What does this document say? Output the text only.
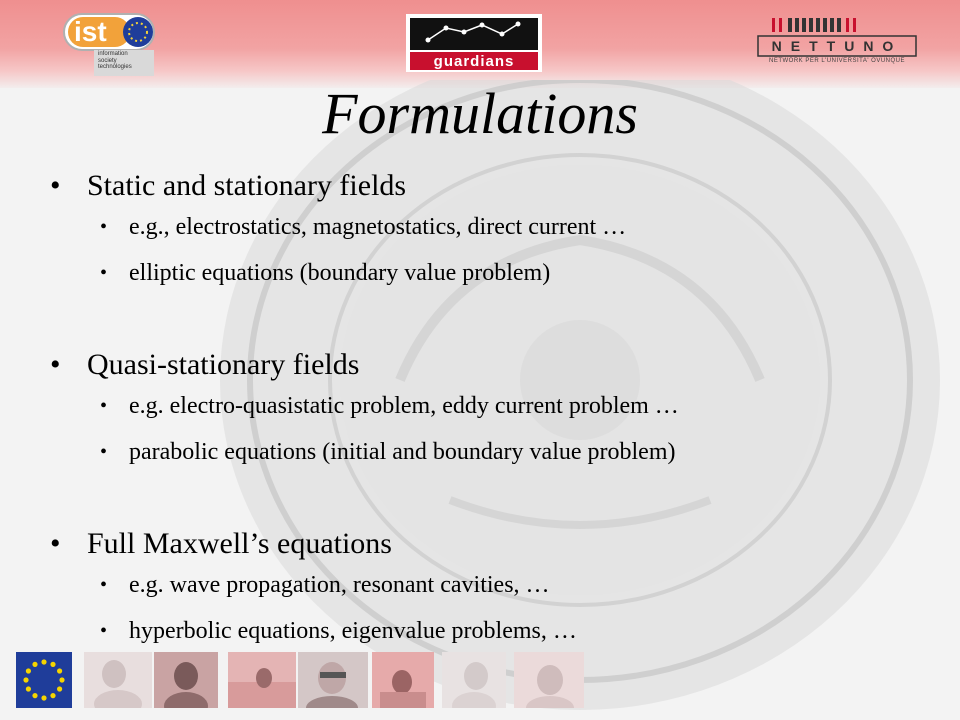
ist
information
society
technologies	guardians
NETTUNO
NETWORK PER L'UNIVERSITA' OVUNQUE
Formulations
• Static and stationary fields
• e.g., electrostatics, magnetostatics, direct current …
• elliptic equations (boundary value problem)
• Quasi-stationary fields
• e.g. electro-quasistatic problem, eddy current problem …
• parabolic equations (initial and boundary value problem)
• Full Maxwell’s equations
• e.g. wave propagation, resonant cavities, …
• hyperbolic equations, eigenvalue problems, …
